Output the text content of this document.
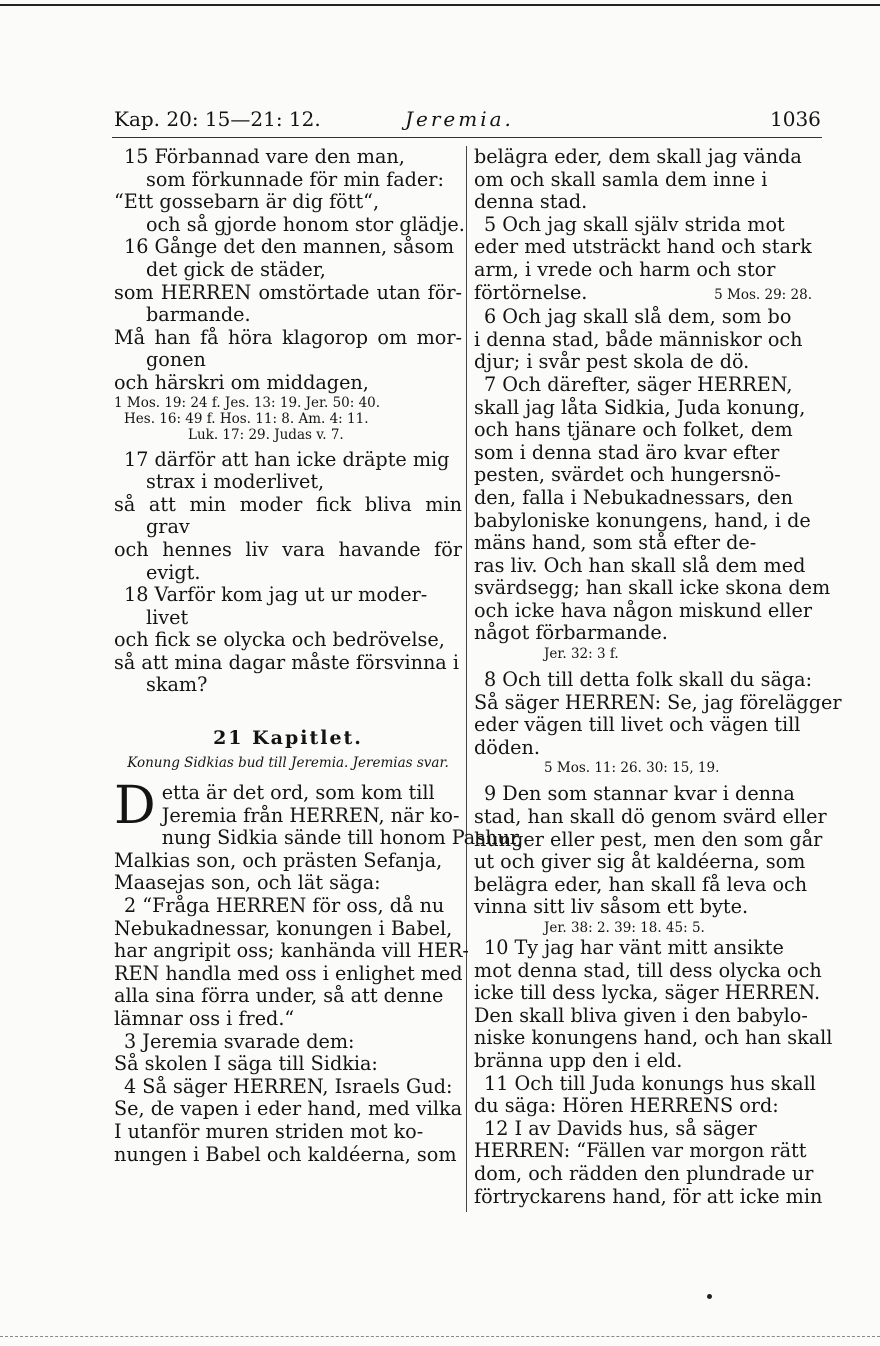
Kap. 20: 15—21: 12.	Jeremia.	1036
15 Förbannad vare den man,
som förkunnade för min fader:
“Ett gossebarn är dig fött“,
och så gjorde honom stor glädje.
16 Gånge det den mannen, såsom
det gick de städer,
som HERREN omstörtade utan för-
barmande.
Må han få höra klagorop om mor-
gonen
och härskri om middagen,
1 Mos. 19: 24 f. Jes. 13: 19. Jer. 50: 40.
Hes. 16: 49 f. Hos. 11: 8. Am. 4: 11.
Luk. 17: 29. Judas v. 7.
17 därför att han icke dräpte mig
strax i moderlivet,
så att min moder fick bliva min
grav
och hennes liv vara havande för
evigt.
18 Varför kom jag ut ur moder-
livet
och fick se olycka och bedrövelse,
så att mina dagar måste försvinna i
skam?
21 Kapitlet.
Konung Sidkias bud till Jeremia. Jeremias svar.
D etta är det ord, som kom till
Jeremia från HERREN, när ko-
nung Sidkia sände till honom Pashur,
Malkias son, och prästen Sefanja,
Maasejas son, och lät säga:
2 “Fråga HERREN för oss, då nu
Nebukadnessar, konungen i Babel,
har angripit oss; kanhända vill HER-
REN handla med oss i enlighet med
alla sina förra under, så att denne
lämnar oss i fred.“
3 Jeremia svarade dem:
Så skolen I säga till Sidkia:
4 Så säger HERREN, Israels Gud:
Se, de vapen i eder hand, med vilka
I utanför muren striden mot ko-
nungen i Babel och kaldéerna, som
belägra eder, dem skall jag vända
om och skall samla dem inne i
denna stad.
5 Och jag skall själv strida mot
eder med utsträckt hand och stark
arm, i vrede och harm och stor
förtörnelse.	5 Mos. 29: 28.
6 Och jag skall slå dem, som bo
i denna stad, både människor och
djur; i svår pest skola de dö.
7 Och därefter, säger HERREN,
skall jag låta Sidkia, Juda konung,
och hans tjänare och folket, dem
som i denna stad äro kvar efter
pesten, svärdet och hungersnö-
den, falla i Nebukadnessars, den
babyloniske konungens, hand, i de
mäns hand, som stå efter de-
ras liv. Och han skall slå dem med
svärdsegg; han skall icke skona dem
och icke hava någon miskund eller
något förbarmande.
Jer. 32: 3 f.
8 Och till detta folk skall du säga:
Så säger HERREN: Se, jag förelägger
eder vägen till livet och vägen till
döden.
5 Mos. 11: 26. 30: 15, 19.
9 Den som stannar kvar i denna
stad, han skall dö genom svärd eller
hunger eller pest, men den som går
ut och giver sig åt kaldéerna, som
belägra eder, han skall få leva och
vinna sitt liv såsom ett byte.
Jer. 38: 2. 39: 18. 45: 5.
10 Ty jag har vänt mitt ansikte
mot denna stad, till dess olycka och
icke till dess lycka, säger HERREN.
Den skall bliva given i den babylo-
niske konungens hand, och han skall
bränna upp den i eld.
11 Och till Juda konungs hus skall
du säga: Hören HERRENS ord:
12 I av Davids hus, så säger
HERREN: “Fällen var morgon rätt
dom, och rädden den plundrade ur
förtryckarens hand, för att icke min
